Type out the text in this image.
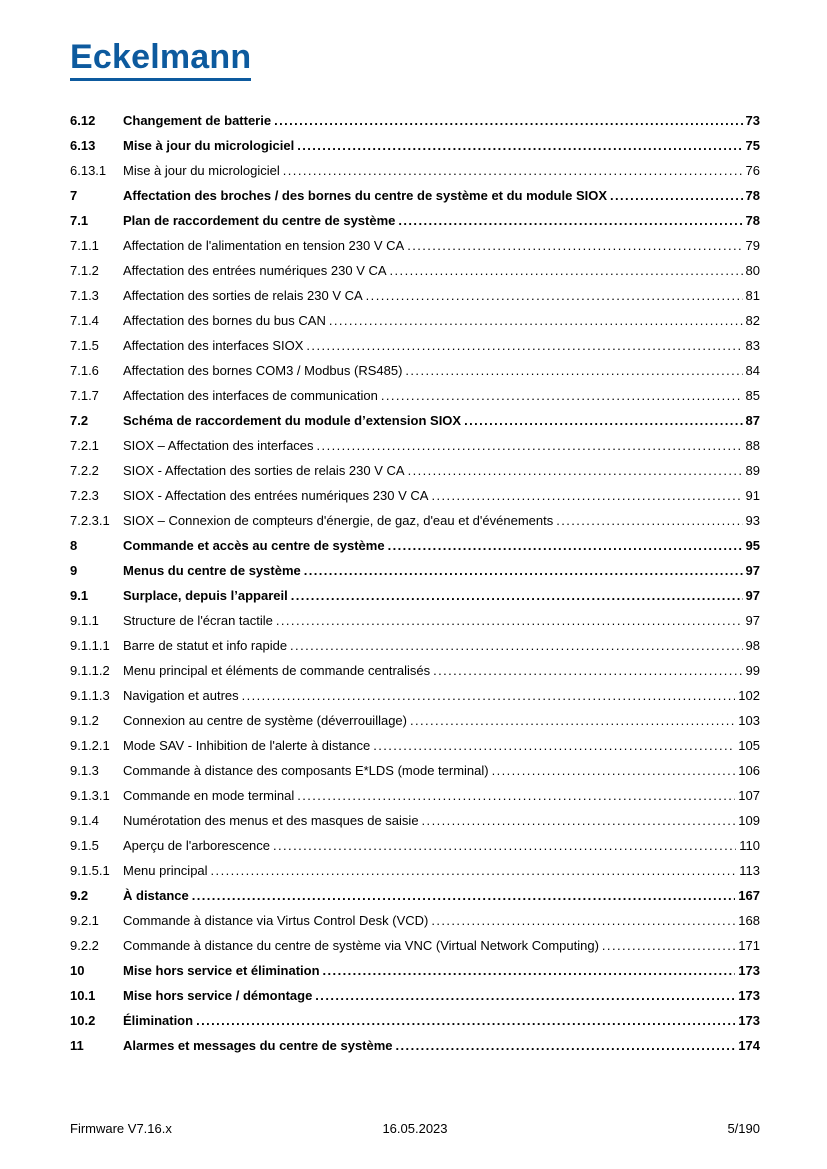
Eckelmann
6.12	Changement de batterie .....	73
6.13	Mise à jour du micrologiciel .....	75
6.13.1	Mise à jour du micrologiciel .....	76
7	Affectation des broches / des bornes du centre de système et du module SIOX .....	78
7.1	Plan de raccordement du centre de système .....	78
7.1.1	Affectation de l'alimentation en tension 230 V CA .....	79
7.1.2	Affectation des entrées numériques 230 V CA .....	80
7.1.3	Affectation des sorties de relais 230 V CA .....	81
7.1.4	Affectation des bornes du bus CAN .....	82
7.1.5	Affectation des interfaces SIOX .....	83
7.1.6	Affectation des bornes COM3 / Modbus (RS485) .....	84
7.1.7	Affectation des interfaces de communication .....	85
7.2	Schéma de raccordement du module d’extension SIOX .....	87
7.2.1	SIOX – Affectation des interfaces .....	88
7.2.2	SIOX - Affectation des sorties de relais 230 V CA .....	89
7.2.3	SIOX - Affectation des entrées numériques 230 V CA .....	91
7.2.3.1	SIOX – Connexion de compteurs d'énergie, de gaz, d'eau et d'événements .....	93
8	Commande et accès au centre de système .....	95
9	Menus du centre de système .....	97
9.1	Surplace, depuis l’appareil .....	97
9.1.1	Structure de l'écran tactile .....	97
9.1.1.1	Barre de statut et info rapide .....	98
9.1.1.2	Menu principal et éléments de commande centralisés .....	99
9.1.1.3	Navigation et autres .....	102
9.1.2	Connexion au centre de système (déverrouillage) .....	103
9.1.2.1	Mode SAV - Inhibition de l'alerte à distance .....	105
9.1.3	Commande à distance des composants E*LDS (mode terminal) .....	106
9.1.3.1	Commande en mode terminal .....	107
9.1.4	Numérotation des menus et des masques de saisie .....	109
9.1.5	Aperçu de l'arborescence .....	110
9.1.5.1	Menu principal .....	113
9.2	À distance .....	167
9.2.1	Commande à distance via Virtus Control Desk (VCD) .....	168
9.2.2	Commande à distance du centre de système via VNC (Virtual Network Computing) .....	171
10	Mise hors service et élimination .....	173
10.1	Mise hors service / démontage .....	173
10.2	Élimination .....	173
11	Alarmes et messages du centre de système .....	174
Firmware V7.16.x	16.05.2023	5/190
